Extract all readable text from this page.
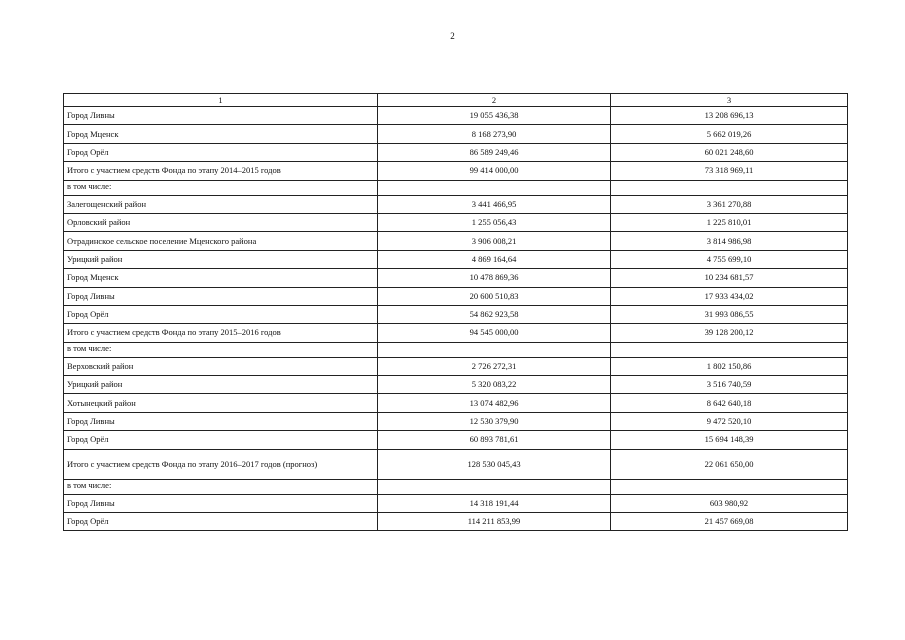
2
1	2	3
Город Ливны	19 055 436,38	13 208 696,13
Город Мценск	8 168 273,90	5 662 019,26
Город Орёл	86 589 249,46	60 021 248,60
Итого с участием средств Фонда по этапу 2014–2015 годов	99 414 000,00	73 318 969,11
в том числе:		
Залегощенский район	3 441 466,95	3 361 270,88
Орловский район	1 255 056,43	1 225 810,01
Отрадинское сельское поселение Мценского района	3 906 008,21	3 814 986,98
Урицкий район	4 869 164,64	4 755 699,10
Город Мценск	10 478 869,36	10 234 681,57
Город Ливны	20 600 510,83	17 933 434,02
Город Орёл	54 862 923,58	31 993 086,55
Итого с участием средств Фонда по этапу 2015–2016 годов	94 545 000,00	39 128 200,12
в том числе:		
Верховский район	2 726 272,31	1 802 150,86
Урицкий район	5 320 083,22	3 516 740,59
Хотынецкий район	13 074 482,96	8 642 640,18
Город Ливны	12 530 379,90	9 472 520,10
Город Орёл	60 893 781,61	15 694 148,39
Итого с участием средств Фонда по этапу 2016–2017 годов (прогноз)	128 530 045,43	22 061 650,00
в том числе:		
Город Ливны	14 318 191,44	603 980,92
Город Орёл	114 211 853,99	21 457 669,08
